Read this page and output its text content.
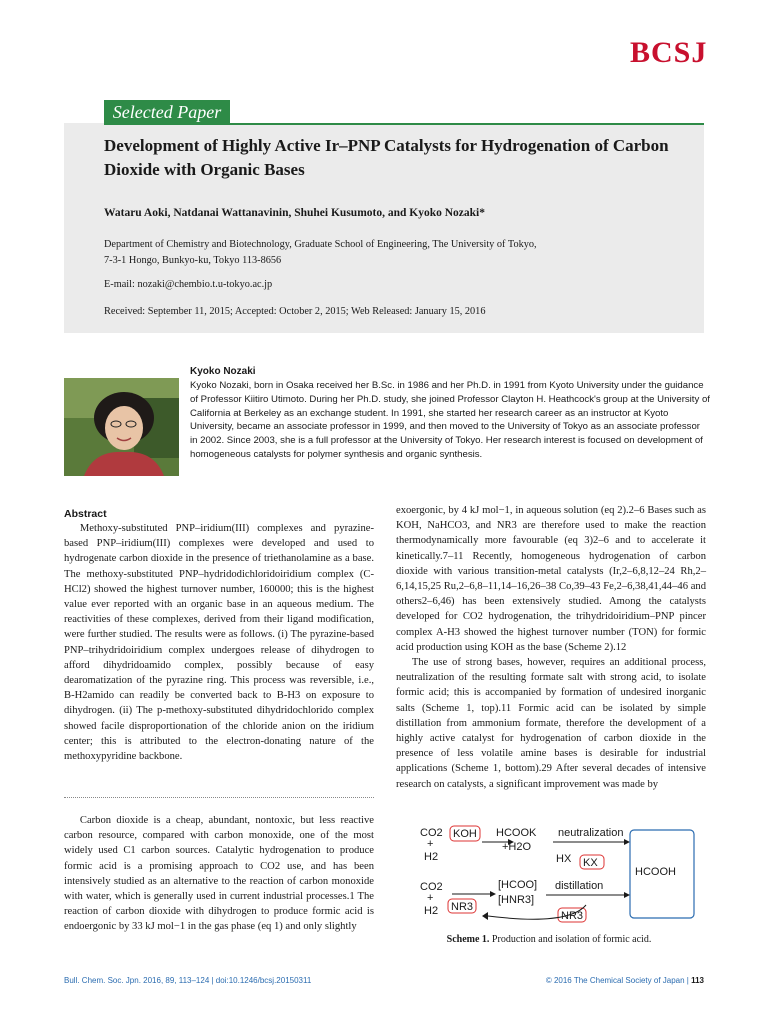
BCSJ
Selected Paper
Development of Highly Active Ir–PNP Catalysts for Hydrogenation of Carbon Dioxide with Organic Bases
Wataru Aoki, Natdanai Wattanavinin, Shuhei Kusumoto, and Kyoko Nozaki*
Department of Chemistry and Biotechnology, Graduate School of Engineering, The University of Tokyo,
7-3-1 Hongo, Bunkyo-ku, Tokyo 113-8656
E-mail: nozaki@chembio.t.u-tokyo.ac.jp
Received: September 11, 2015; Accepted: October 2, 2015; Web Released: January 15, 2016
Kyoko Nozaki
Kyoko Nozaki, born in Osaka received her B.Sc. in 1986 and her Ph.D. in 1991 from Kyoto University under the guidance of Professor Kiitiro Utimoto. During her Ph.D. study, she joined Professor Clayton H. Heathcock's group at the University of California at Berkeley as an exchange student. In 1991, she started her research career as an instructor at Kyoto University, became an associate professor in 1999, and then moved to the University of Tokyo as an associate professor in 2002. Since 2003, she is a full professor at the University of Tokyo. Her research interest is focused on development of homogeneous catalysts for polymer synthesis and organic synthesis.
Abstract

Methoxy-substituted PNP–iridium(III) complexes and pyrazine-based PNP–iridium(III) complexes were developed and used to hydrogenate carbon dioxide in the presence of triethanolamine as a base. The methoxy-substituted PNP–hydridodichloridoiridium complex (C-HCl2) showed the highest turnover number, 160000; this is the highest value ever reported with an organic base in an aqueous medium. The reactivities of these complexes, derived from their ligand modification, were further studied. The results were as follows. (i) The pyrazine-based PNP–trihydridoiridium complex undergoes release of dihydrogen to afford dihydridoamido complex, possibly because of easy dearomatization of the pyrazine ring. This process was reversible, i.e., B-H2amido can readily be converted back to B-H3 on exposure to dihydrogen. (ii) The p-methoxy-substituted dihydridochlorido complex showed facile disproportionation of the chloride anion on the iridium center; this is attributed to the electron-donating nature of the methoxypyridine backbone.

Carbon dioxide is a cheap, abundant, nontoxic, but less reactive carbon resource, compared with carbon monoxide, one of the most widely used C1 carbon sources. Catalytic hydrogenation to produce formic acid is a promising approach to CO2 use, and has been intensively studied as an alternative to the reaction of carbon monoxide with water, which is generally used in current industrial processes.1 The reaction of carbon dioxide with dihydrogen to produce formic acid is endoergonic by 33 kJ mol−1 in the gas phase (eq 1) and only slightly

exoergonic, by 4 kJ mol−1, in aqueous solution (eq 2).2–6 Bases such as KOH, NaHCO3, and NR3 are therefore used to make the reaction thermodynamically more favourable (eq 3)2–6 and to accelerate it kinetically.7–11 Recently, homogeneous hydrogenation of carbon dioxide with various transition-metal catalysts (Ir,2–6,8,12–24 Rh,2–6,14,15,25 Ru,2–6,8–11,14–16,26–38 Co,39–43 Fe,2–6,38,41,44–46 and others2–6,46) has been extensively studied. Among the catalysts developed for CO2 hydrogenation, the trihydridoiridium–PNP pincer complex A-H3 showed the highest turnover number (TON) for formic acid production using KOH as the base (Scheme 2).12

The use of strong bases, however, requires an additional process, neutralization of the resulting formate salt with strong acid, to isolate formic acid; this is accompanied by formation of undesired inorganic salts (Scheme 1, top).11 Formic acid can be isolated by simple distillation from ammonium formate, therefore the development of a highly active catalyst for hydrogenation of carbon dioxide in the presence of less volatile amine bases is desirable for industrial applications (Scheme 1, bottom).29 After several decades of intensive research on catalysts, a significant improvement was made by

CO2
+
H2
KOH HCOOK
+H2O
neutralization
HX KX
HCOOH
CO2
+
H2 NR3
[HCOO]
[HNR3]
distillation
NR3
Scheme 1. Production and isolation of formic acid.
Bull. Chem. Soc. Jpn. 2016, 89, 113–124 | doi:10.1246/bcsj.20150311	© 2016 The Chemical Society of Japan | 113
